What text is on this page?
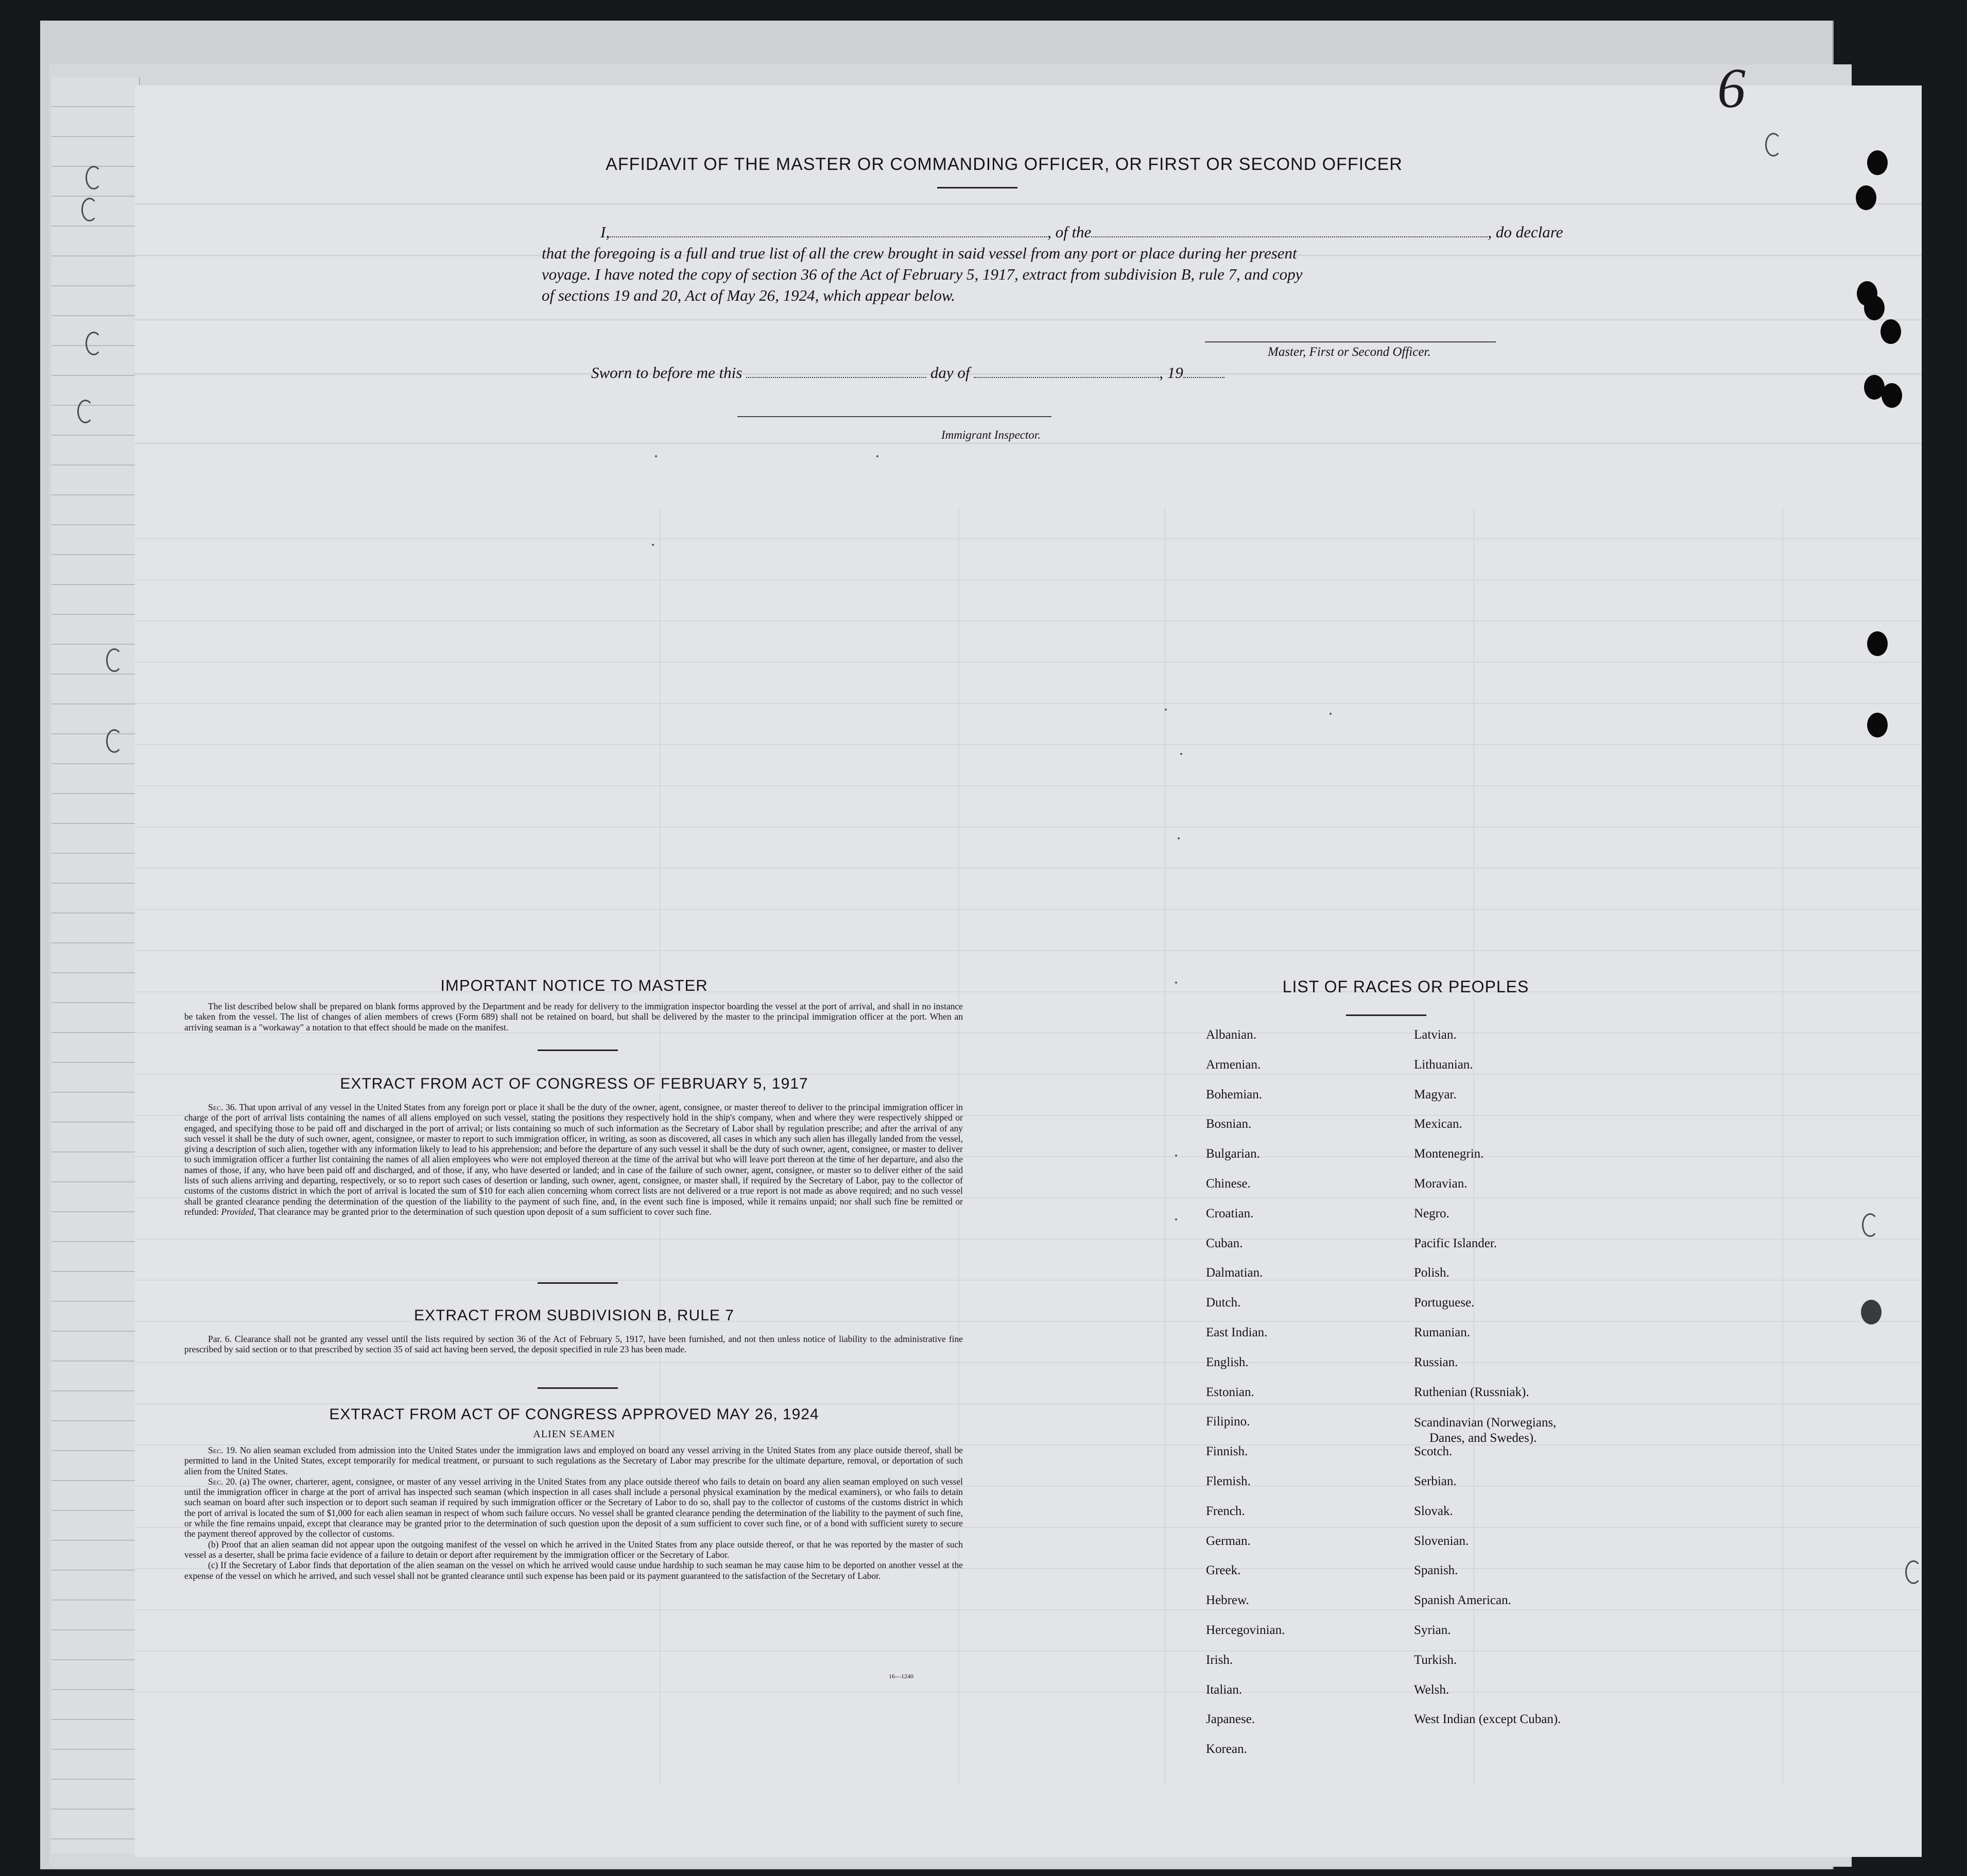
AFFIDAVIT OF THE MASTER OR COMMANDING OFFICER, OR FIRST OR SECOND OFFICER
I,	, of the	, do declare
that the foregoing is a full and true list of all the crew brought in said vessel from any port or place during her present
voyage. I have noted the copy of section 36 of the Act of February 5, 1917, extract from subdivision B, rule 7, and copy
of sections 19 and 20, Act of May 26, 1924, which appear below.
Master, First or Second Officer.
Sworn to before me this	day of	, 19
Immigrant Inspector.
IMPORTANT NOTICE TO MASTER

The list described below shall be prepared on blank forms approved by the Department and be ready for delivery to the immigration inspector boarding the vessel at the port of arrival, and shall in no instance be taken from the vessel. The list of changes of alien members of crews (Form 689) shall not be retained on board, but shall be delivered by the master to the principal immigration officer at the port. When an arriving seaman is a "workaway" a notation to that effect should be made on the manifest.

EXTRACT FROM ACT OF CONGRESS OF FEBRUARY 5, 1917

Sec. 36. That upon arrival of any vessel in the United States from any foreign port or place it shall be the duty of the owner, agent, consignee, or master thereof to deliver to the principal immigration officer in charge of the port of arrival lists containing the names of all aliens employed on such vessel, stating the positions they respectively hold in the ship's company, when and where they were respectively shipped or engaged, and specifying those to be paid off and discharged in the port of arrival; or lists containing so much of such information as the Secretary of Labor shall by regulation prescribe; and after the arrival of any such vessel it shall be the duty of such owner, agent, consignee, or master to report to such immigration officer, in writing, as soon as discovered, all cases in which any such alien has illegally landed from the vessel, giving a description of such alien, together with any information likely to lead to his apprehension; and before the departure of any such vessel it shall be the duty of such owner, agent, consignee, or master to deliver to such immigration officer a further list containing the names of all alien employees who were not employed thereon at the time of the arrival but who will leave port thereon at the time of her departure, and also the names of those, if any, who have been paid off and discharged, and of those, if any, who have deserted or landed; and in case of the failure of such owner, agent, consignee, or master so to deliver either of the said lists of such aliens arriving and departing, respectively, or so to report such cases of desertion or landing, such owner, agent, consignee, or master shall, if required by the Secretary of Labor, pay to the collector of customs of the customs district in which the port of arrival is located the sum of $10 for each alien concerning whom correct lists are not delivered or a true report is not made as above required; and no such vessel shall be granted clearance pending the determination of the question of the liability to the payment of such fine, and, in the event such fine is imposed, while it remains unpaid; nor shall such fine be remitted or refunded: Provided, That clearance may be granted prior to the determination of such question upon deposit of a sum sufficient to cover such fine.

EXTRACT FROM SUBDIVISION B, RULE 7

Par. 6. Clearance shall not be granted any vessel until the lists required by section 36 of the Act of February 5, 1917, have been furnished, and not then unless notice of liability to the administrative fine prescribed by said section or to that prescribed by section 35 of said act having been served, the deposit specified in rule 23 has been made.

EXTRACT FROM ACT OF CONGRESS APPROVED MAY 26, 1924
ALIEN SEAMEN

Sec. 19. No alien seaman excluded from admission into the United States under the immigration laws and employed on board any vessel arriving in the United States from any place outside thereof, shall be permitted to land in the United States, except temporarily for medical treatment, or pursuant to such regulations as the Secretary of Labor may prescribe for the ultimate departure, removal, or deportation of such alien from the United States.

Sec. 20. (a) The owner, charterer, agent, consignee, or master of any vessel arriving in the United States from any place outside thereof who fails to detain on board any alien seaman employed on such vessel until the immigration officer in charge at the port of arrival has inspected such seaman (which inspection in all cases shall include a personal physical examination by the medical examiners), or who fails to detain such seaman on board after such inspection or to deport such seaman if required by such immigration officer or the Secretary of Labor to do so, shall pay to the collector of customs of the customs district in which the port of arrival is located the sum of $1,000 for each alien seaman in respect of whom such failure occurs. No vessel shall be granted clearance pending the determination of the liability to the payment of such fine, or while the fine remains unpaid, except that clearance may be granted prior to the determination of such question upon the deposit of a sum sufficient to cover such fine, or of a bond with sufficient surety to secure the payment thereof approved by the collector of customs.

(b) Proof that an alien seaman did not appear upon the outgoing manifest of the vessel on which he arrived in the United States from any place outside thereof, or that he was reported by the master of such vessel as a deserter, shall be prima facie evidence of a failure to detain or deport after requirement by the immigration officer or the Secretary of Labor.

(c) If the Secretary of Labor finds that deportation of the alien seaman on the vessel on which he arrived would cause undue hardship to such seaman he may cause him to be deported on another vessel at the expense of the vessel on which he arrived, and such vessel shall not be granted clearance until such expense has been paid or its payment guaranteed to the satisfaction of the Secretary of Labor.

16—1240
LIST OF RACES OR PEOPLES
Albanian.
Armenian.
Bohemian.
Bosnian.
Bulgarian.
Chinese.
Croatian.
Cuban.
Dalmatian.
Dutch.
East Indian.
English.
Estonian.
Filipino.
Finnish.
Flemish.
French.
German.
Greek.
Hebrew.
Hercegovinian.
Irish.
Italian.
Japanese.
Korean.
Latvian.
Lithuanian.
Magyar.
Mexican.
Montenegrin.
Moravian.
Negro.
Pacific Islander.
Polish.
Portuguese.
Rumanian.
Russian.
Ruthenian (Russniak).
Scandinavian (Norwegians,
Danes, and Swedes).
Scotch.
Serbian.
Slovak.
Slovenian.
Spanish.
Spanish American.
Syrian.
Turkish.
Welsh.
West Indian (except Cuban).
6
